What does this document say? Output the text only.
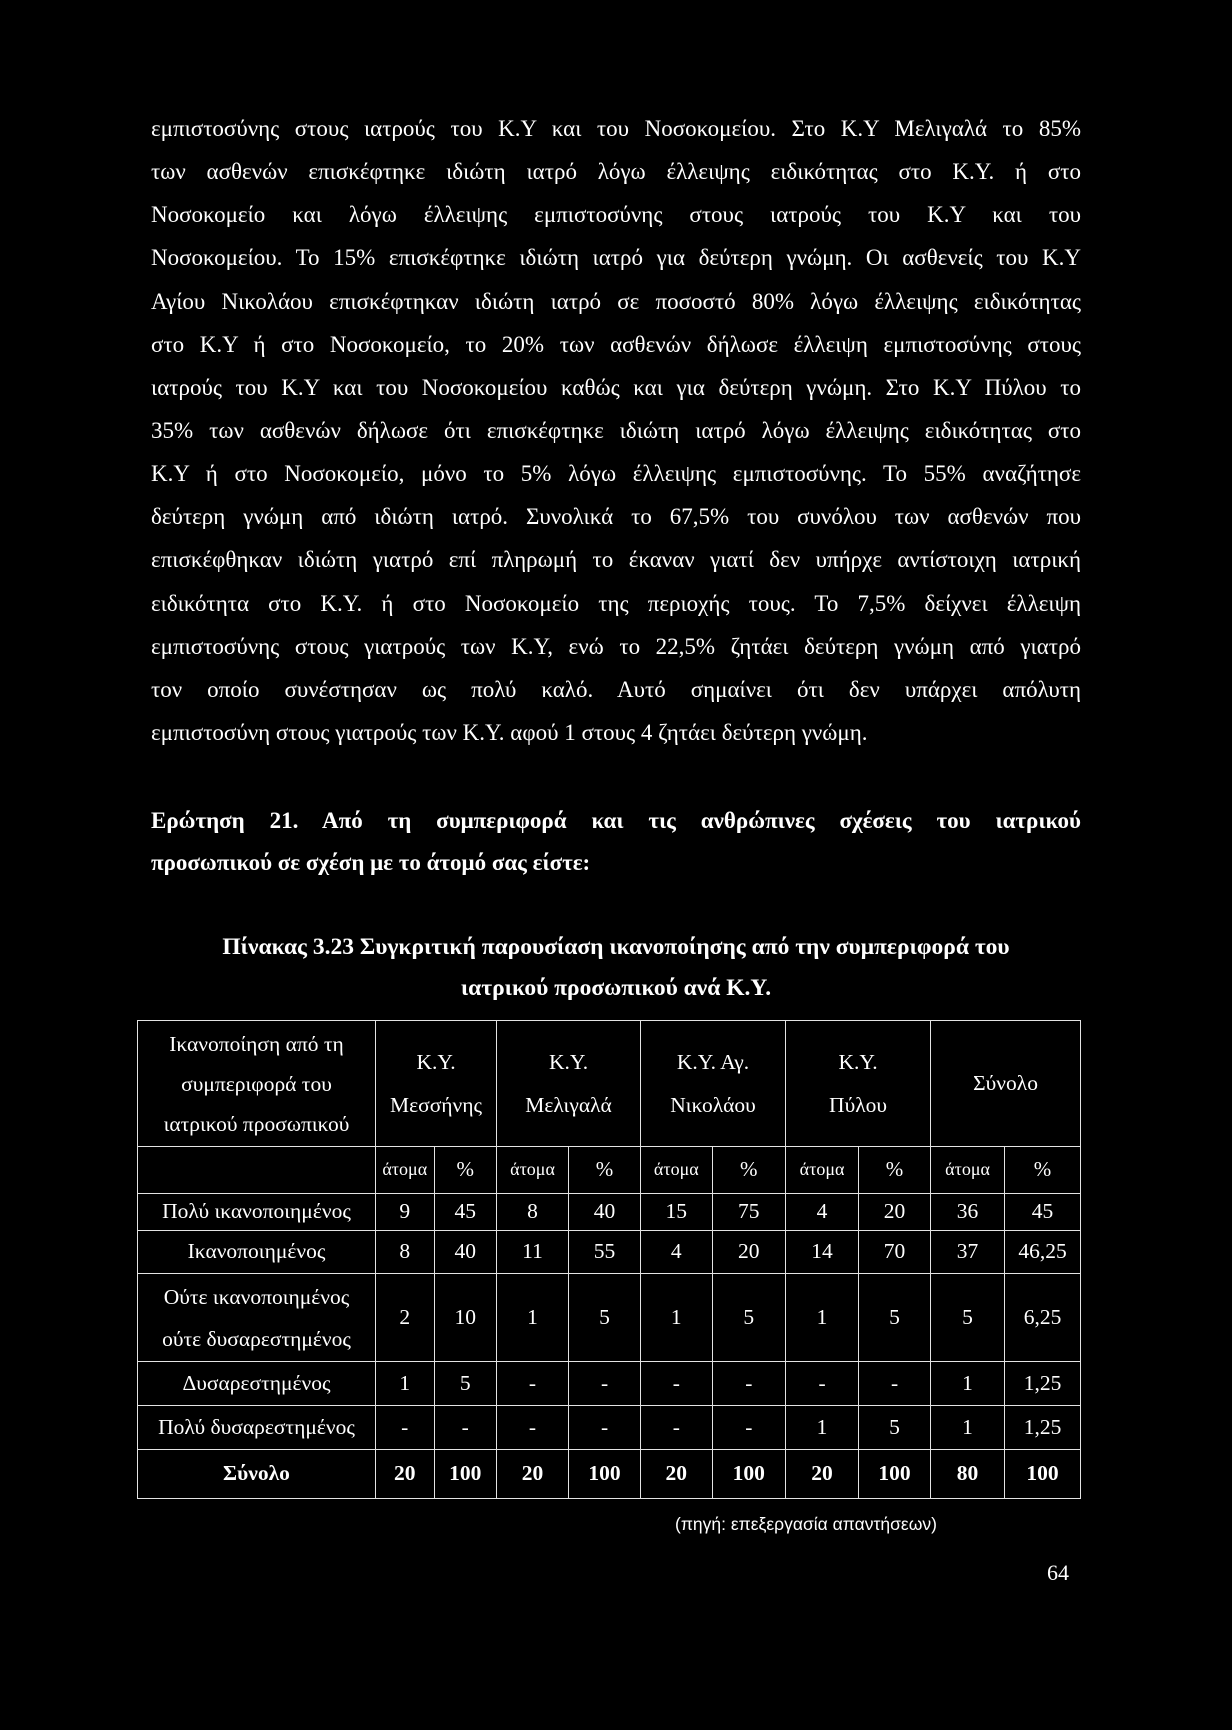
εμπιστοσύνης στους ιατρούς του Κ.Υ και του Νοσοκομείου. Στο Κ.Υ Μελιγαλά το 85%
των ασθενών επισκέφτηκε ιδιώτη ιατρό λόγω έλλειψης ειδικότητας στο Κ.Υ. ή στο
Νοσοκομείο και λόγω έλλειψης εμπιστοσύνης στους ιατρούς του Κ.Υ και του
Νοσοκομείου. Το 15% επισκέφτηκε ιδιώτη ιατρό για δεύτερη γνώμη. Οι ασθενείς του Κ.Υ
Αγίου Νικολάου επισκέφτηκαν ιδιώτη ιατρό σε ποσοστό 80% λόγω έλλειψης ειδικότητας
στο Κ.Υ ή στο Νοσοκομείο, το 20% των ασθενών δήλωσε έλλειψη εμπιστοσύνης στους
ιατρούς του Κ.Υ και του Νοσοκομείου καθώς και για δεύτερη γνώμη. Στο Κ.Υ Πύλου το
35% των ασθενών δήλωσε ότι επισκέφτηκε ιδιώτη ιατρό λόγω έλλειψης ειδικότητας στο
Κ.Υ ή στο Νοσοκομείο, μόνο το 5% λόγω έλλειψης εμπιστοσύνης. Το 55% αναζήτησε
δεύτερη γνώμη από ιδιώτη ιατρό. Συνολικά το 67,5% του συνόλου των ασθενών που
επισκέφθηκαν ιδιώτη γιατρό επί πληρωμή το έκαναν γιατί δεν υπήρχε αντίστοιχη ιατρική
ειδικότητα στο Κ.Υ. ή στο Νοσοκομείο της περιοχής τους. Το 7,5% δείχνει έλλειψη
εμπιστοσύνης στους γιατρούς των Κ.Υ, ενώ το 22,5% ζητάει δεύτερη γνώμη από γιατρό
τον οποίο συνέστησαν ως πολύ καλό. Αυτό σημαίνει ότι δεν υπάρχει απόλυτη
εμπιστοσύνη στους γιατρούς των Κ.Υ. αφού 1 στους 4 ζητάει δεύτερη γνώμη.
Ερώτηση 21. Από τη συμπεριφορά και τις ανθρώπινες σχέσεις του ιατρικού
προσωπικού σε σχέση με το άτομό σας είστε:
Πίνακας 3.23 Συγκριτική παρουσίαση ικανοποίησης από την συμπεριφορά του
ιατρικού προσωπικού ανά Κ.Υ.
Ικανοποίηση από τη
συμπεριφορά του
ιατρικού προσωπικού	Κ.Υ.
Μεσσήνης		Κ.Υ.
Μελιγαλά		Κ.Υ. Αγ.
Νικολάου		Κ.Υ.
Πύλου		Σύνολο	

	άτομα	%	άτομα	%	άτομα	%	άτομα	%	άτομα	%

Πολύ ικανοποιημένος	9	45	8	40	15	75	4	20	36	45

Ικανοποιημένος	8	40	11	55	4	20	14	70	37	46,25

Ούτε ικανοποιημένος
ούτε δυσαρεστημένος	2	10	1	5	1	5	1	5	5	6,25

Δυσαρεστημένος	1	5	-	-	-	-	-	-	1	1,25

Πολύ δυσαρεστημένος	-	-	-	-	-	-	1	5	1	1,25

Σύνολο	20	100	20	100	20	100	20	100	80	100
(πηγή: επεξεργασία απαντήσεων)
64
